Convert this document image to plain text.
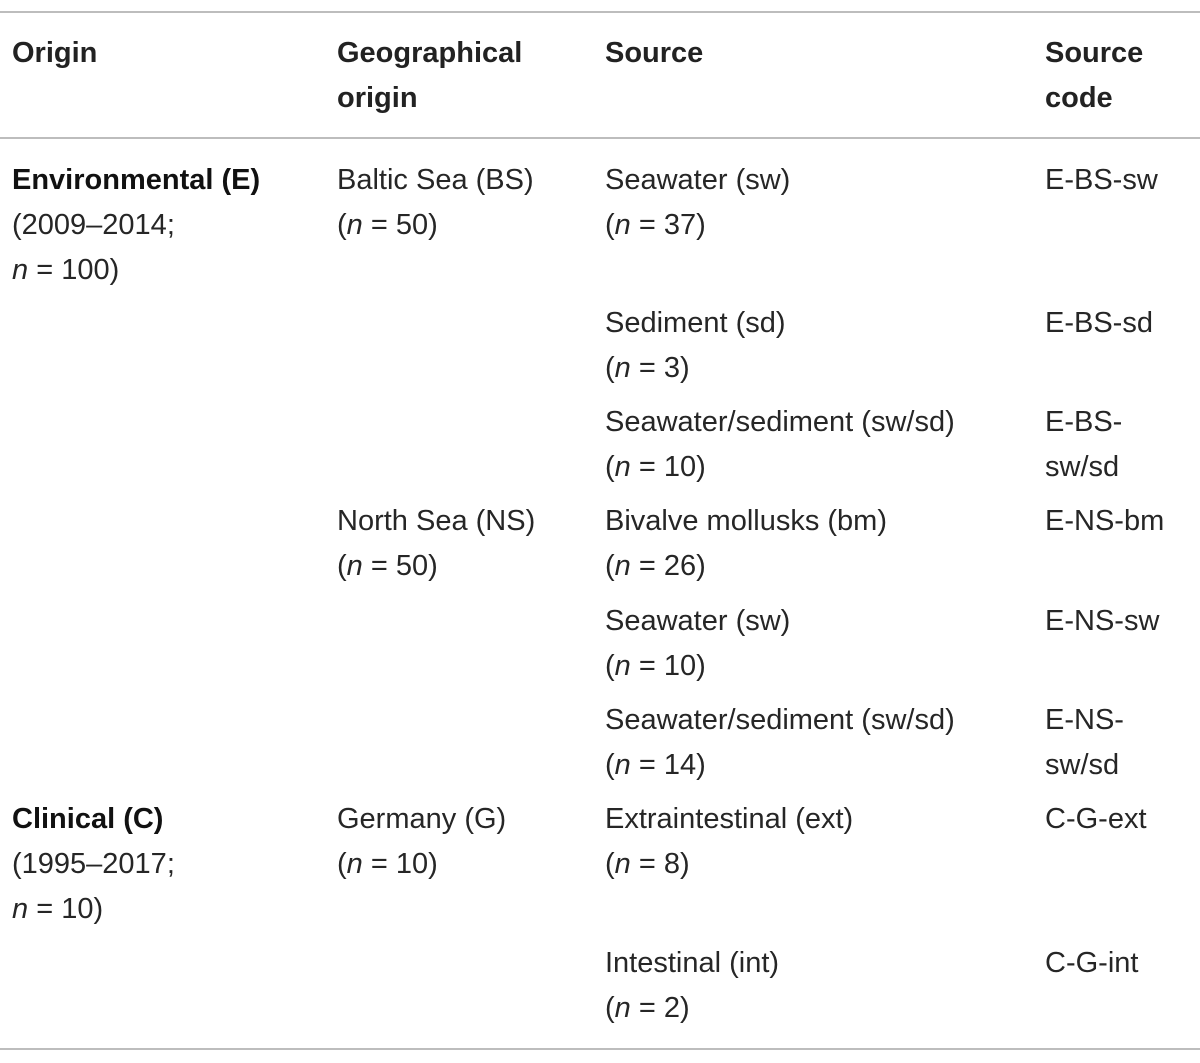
Origin	Geographical
origin

Source	Source
code

Environmental (E)
(2009–2014;
n = 100)

Clinical (C)
(1995–2017;
n = 10)

Baltic Sea (BS)
(n = 50)

North Sea (NS)
(n = 50)

Germany (G)
(n = 10)

Seawater (sw)
(n = 37)

Sediment (sd)
(n = 3)

Seawater/sediment (sw/sd)
(n = 10)

Bivalve mollusks (bm)
(n = 26)

Seawater (sw)
(n = 10)

Seawater/sediment (sw/sd)
(n = 14)

Extraintestinal (ext)
(n = 8)

Intestinal (int)
(n = 2)

E-BS-sw

E-BS-sd

E-BS-
sw/sd

E-NS-bm

E-NS-sw

E-NS-
sw/sd

C-G-ext

C-G-int
